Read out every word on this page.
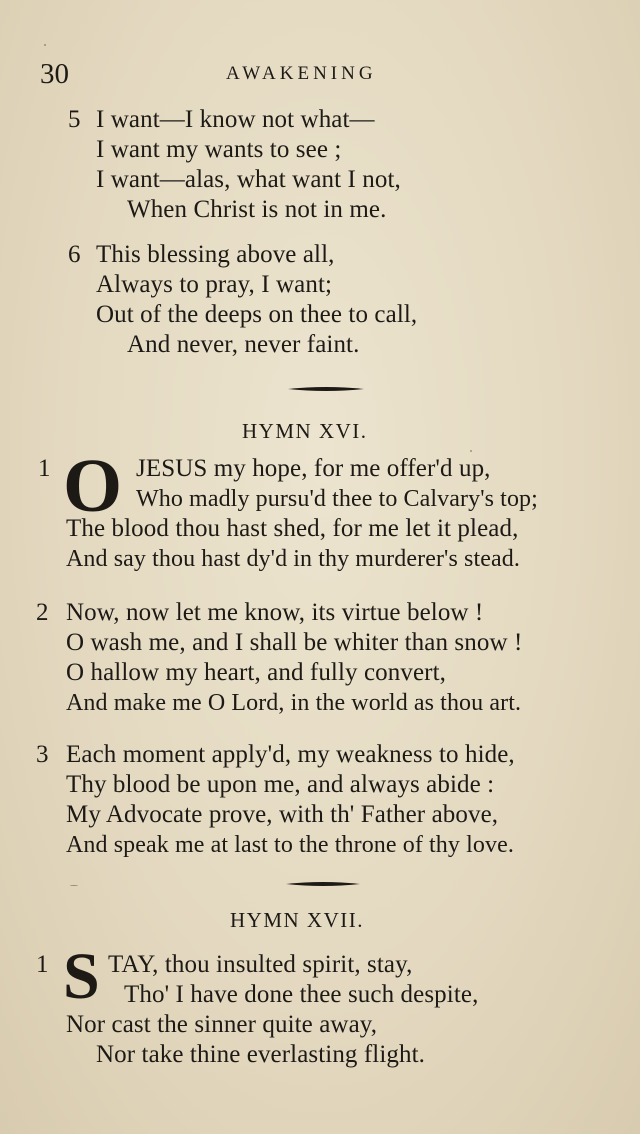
30	AWAKENING
5 I want—I know not what—
I want my wants to see ;
I want—alas, what want I not,
When Christ is not in me.
6 This blessing above all,
Always to pray, I want;
Out of the deeps on thee to call,
And never, never faint.
HYMN XVI.
1 O JESUS my hope, for me offer'd up,
Who madly pursu'd thee to Calvary's top;
The blood thou hast shed, for me let it plead,
And say thou hast dy'd in thy murderer's stead.
2 Now, now let me know, its virtue below !
O wash me, and I shall be whiter than snow !
O hallow my heart, and fully convert,
And make me O Lord, in the world as thou art.
3 Each moment apply'd, my weakness to hide,
Thy blood be upon me, and always abide :
My Advocate prove, with th' Father above,
And speak me at last to the throne of thy love.
HYMN XVII.
1 S TAY, thou insulted spirit, stay,
Tho' I have done thee such despite,
Nor cast the sinner quite away,
Nor take thine everlasting flight.
